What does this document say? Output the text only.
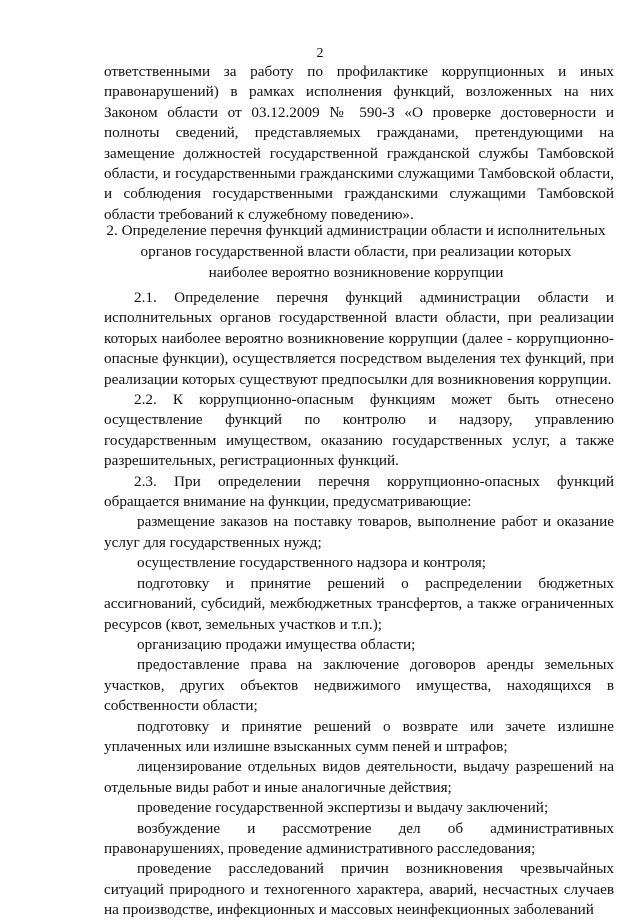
2

ответственными за работу по профилактике коррупционных и иных правонарушений) в рамках исполнения функций, возложенных на них Законом области от 03.12.2009 № 590-З «О проверке достоверности и полноты сведений, представляемых гражданами, претендующими на замещение должностей государственной гражданской службы Тамбовской области, и государственными гражданскими служащими Тамбовской области, и соблюдения государственными гражданскими служащими Тамбовской области требований к служебному поведению».

2. Определение перечня функций администрации области и исполнительных

органов государственной власти области, при реализации которых

наиболее вероятно возникновение коррупции

2.1. Определение перечня функций администрации области и исполнительных органов государственной власти области, при реализации которых наиболее вероятно возникновение коррупции (далее - коррупционно-опасные функции), осуществляется посредством выделения тех функций, при реализации которых существуют предпосылки для возникновения коррупции.

2.2. К коррупционно-опасным функциям может быть отнесено осуществление функций по контролю и надзору, управлению государственным имуществом, оказанию государственных услуг, а также разрешительных, регистрационных функций.

2.3. При определении перечня коррупционно-опасных функций обращается внимание на функции, предусматривающие:

размещение заказов на поставку товаров, выполнение работ и оказание услуг для государственных нужд;

осуществление государственного надзора и контроля;

подготовку и принятие решений о распределении бюджетных ассигнований, субсидий, межбюджетных трансфертов, а также ограниченных ресурсов (квот, земельных участков и т.п.);

организацию продажи имущества области;

предоставление права на заключение договоров аренды земельных участков, других объектов недвижимого имущества, находящихся в собственности области;

подготовку и принятие решений о возврате или зачете излишне уплаченных или излишне взысканных сумм пеней и штрафов;

лицензирование отдельных видов деятельности, выдачу разрешений на отдельные виды работ и иные аналогичные действия;

проведение государственной экспертизы и выдачу заключений;

возбуждение и рассмотрение дел об административных правонарушениях, проведение административного расследования;

проведение расследований причин возникновения чрезвычайных ситуаций природного и техногенного характера, аварий, несчастных случаев на производстве, инфекционных и массовых неинфекционных заболеваний
